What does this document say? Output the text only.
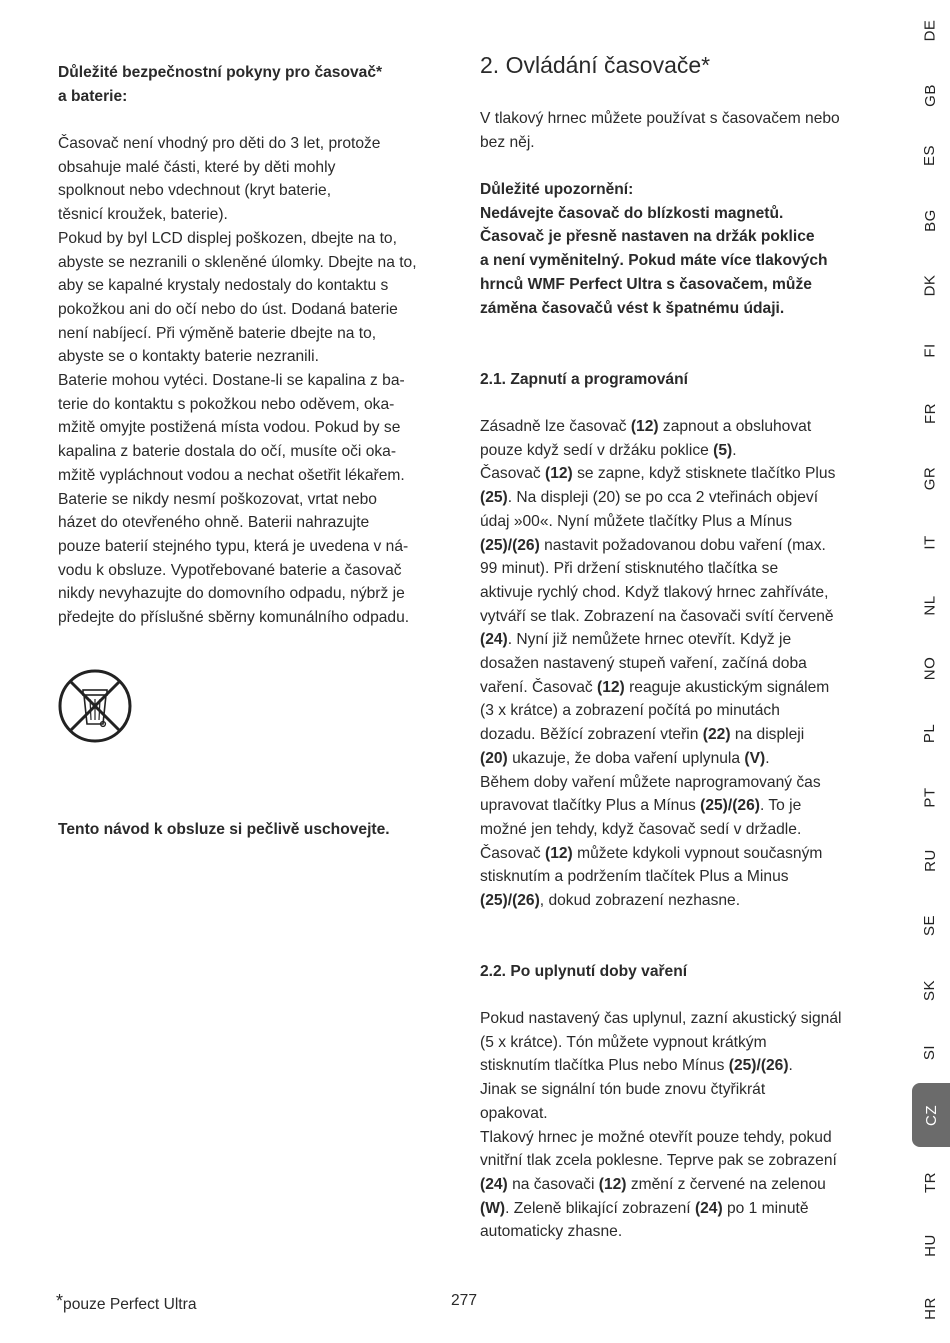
Důležité bezpečnostní pokyny pro časovač*
a baterie:
Časovač není vhodný pro děti do 3 let, protože
obsahuje malé části, které by děti mohly
spolknout nebo vdechnout (kryt baterie,
těsnicí kroužek, baterie).
Pokud by byl LCD displej poškozen, dbejte na to,
abyste se nezranili o skleněné úlomky. Dbejte na to,
aby se kapalné krystaly nedostaly do kontaktu s
pokožkou ani do očí nebo do úst. Dodaná baterie
není nabíjecí. Při výměně baterie dbejte na to,
abyste se o kontakty baterie nezranili.
Baterie mohou vytéci. Dostane-li se kapalina z ba-
terie do kontaktu s pokožkou nebo oděvem, oka-
mžitě omyjte postižená místa vodou. Pokud by se
kapalina z baterie dostala do očí, musíte oči oka-
mžitě vypláchnout vodou a nechat ošetřit lékařem.
Baterie se nikdy nesmí poškozovat, vrtat nebo
házet do otevřeného ohně. Baterii nahrazujte
pouze baterií stejného typu, která je uvedena v ná-
vodu k obsluze. Vypotřebované baterie a časovač
nikdy nevyhazujte do domovního odpadu, nýbrž je
předejte do příslušné sběrny komunálního odpadu.
Tento návod k obsluze si pečlivě uschovejte.
2. Ovládání časovače*
V tlakový hrnec můžete používat s časovačem nebo
bez něj.
Důležité upozornění:
Nedávejte časovač do blízkosti magnetů.
Časovač je přesně nastaven na držák poklice
a není vyměnitelný. Pokud máte více tlakových
hrnců WMF Perfect Ultra s časovačem, může
záměna časovačů vést k špatnému údaji.
2.1. Zapnutí a programování
Zásadně lze časovač (12) zapnout a obsluhovat
pouze když sedí v držáku poklice (5).
Časovač (12) se zapne, když stisknete tlačítko Plus
(25). Na displeji (20) se po cca 2 vteřinách objeví
údaj »00«. Nyní můžete tlačítky Plus a Mínus
(25)/(26) nastavit požadovanou dobu vaření (max.
99 minut). Při držení stisknutého tlačítka se
aktivuje rychlý chod. Když tlakový hrnec zahříváte,
vytváří se tlak. Zobrazení na časovači svítí červeně
(24). Nyní již nemůžete hrnec otevřít. Když je
dosažen nastavený stupeň vaření, začíná doba
vaření. Časovač (12) reaguje akustickým signálem
(3 x krátce) a zobrazení počítá po minutách
dozadu. Běžící zobrazení vteřin (22) na displeji
(20) ukazuje, že doba vaření uplynula (V).
Během doby vaření můžete naprogramovaný čas
upravovat tlačítky Plus a Mínus (25)/(26). To je
možné jen tehdy, když časovač sedí v držadle.
Časovač (12) můžete kdykoli vypnout současným
stisknutím a podržením tlačítek Plus a Minus
(25)/(26), dokud zobrazení nezhasne.
2.2. Po uplynutí doby vaření
Pokud nastavený čas uplynul, zazní akustický signál
(5 x krátce). Tón můžete vypnout krátkým
stisknutím tlačítka Plus nebo Mínus (25)/(26).
Jinak se signální tón bude znovu čtyřikrát
opakovat.
Tlakový hrnec je možné otevřít pouze tehdy, pokud
vnitřní tlak zcela poklesne. Teprve pak se zobrazení
(24) na časovači (12) změní z červené na zelenou
(W). Zeleně blikající zobrazení (24) po 1 minutě
automaticky zhasne.
*pouze Perfect Ultra	277
DE
GB
ES
BG
DK
FI
FR
GR
IT
NL
NO
PL
PT
RU
SE
SK
SI
CZ
TR
HU
HR
